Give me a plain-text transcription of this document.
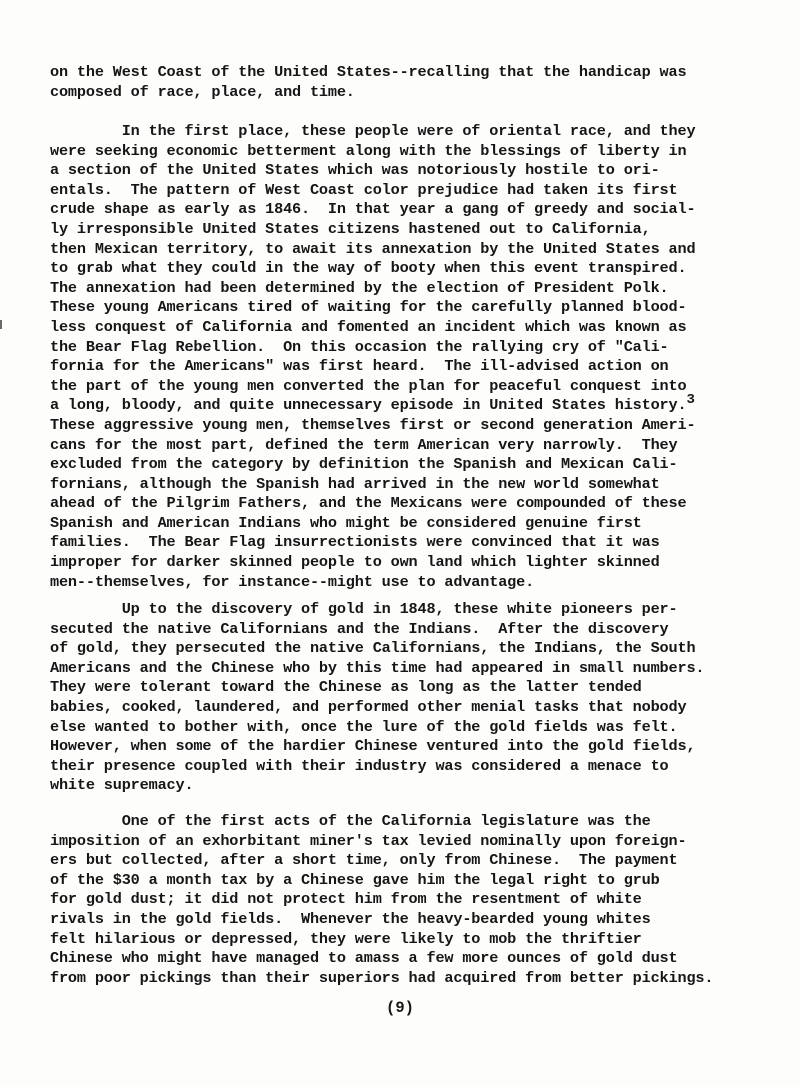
on the West Coast of the United States--recalling that the handicap was
composed of race, place, and time.
In the first place, these people were of oriental race, and they
were seeking economic betterment along with the blessings of liberty in
a section of the United States which was notoriously hostile to ori-
entals.  The pattern of West Coast color prejudice had taken its first
crude shape as early as 1846.  In that year a gang of greedy and social-
ly irresponsible United States citizens hastened out to California,
then Mexican territory, to await its annexation by the United States and
to grab what they could in the way of booty when this event transpired.
The annexation had been determined by the election of President Polk.
These young Americans tired of waiting for the carefully planned blood-
less conquest of California and fomented an incident which was known as
the Bear Flag Rebellion.  On this occasion the rallying cry of "Cali-
fornia for the Americans" was first heard.  The ill-advised action on
the part of the young men converted the plan for peaceful conquest into
a long, bloody, and quite unnecessary episode in United States history.$^3$
These aggressive young men, themselves first or second generation Ameri-
cans for the most part, defined the term American very narrowly.  They
excluded from the category by definition the Spanish and Mexican Cali-
fornians, although the Spanish had arrived in the new world somewhat
ahead of the Pilgrim Fathers, and the Mexicans were compounded of these
Spanish and American Indians who might be considered genuine first
families.  The Bear Flag insurrectionists were convinced that it was
improper for darker skinned people to own land which lighter skinned
men--themselves, for instance--might use to advantage.
Up to the discovery of gold in 1848, these white pioneers per-
secuted the native Californians and the Indians.  After the discovery
of gold, they persecuted the native Californians, the Indians, the South
Americans and the Chinese who by this time had appeared in small numbers.
They were tolerant toward the Chinese as long as the latter tended
babies, cooked, laundered, and performed other menial tasks that nobody
else wanted to bother with, once the lure of the gold fields was felt.
However, when some of the hardier Chinese ventured into the gold fields,
their presence coupled with their industry was considered a menace to
white supremacy.
One of the first acts of the California legislature was the
imposition of an exhorbitant miner's tax levied nominally upon foreign-
ers but collected, after a short time, only from Chinese.  The payment
of the $30 a month tax by a Chinese gave him the legal right to grub
for gold dust; it did not protect him from the resentment of white
rivals in the gold fields.  Whenever the heavy-bearded young whites
felt hilarious or depressed, they were likely to mob the thriftier
Chinese who might have managed to amass a few more ounces of gold dust
from poor pickings than their superiors had acquired from better pickings.
(9)
